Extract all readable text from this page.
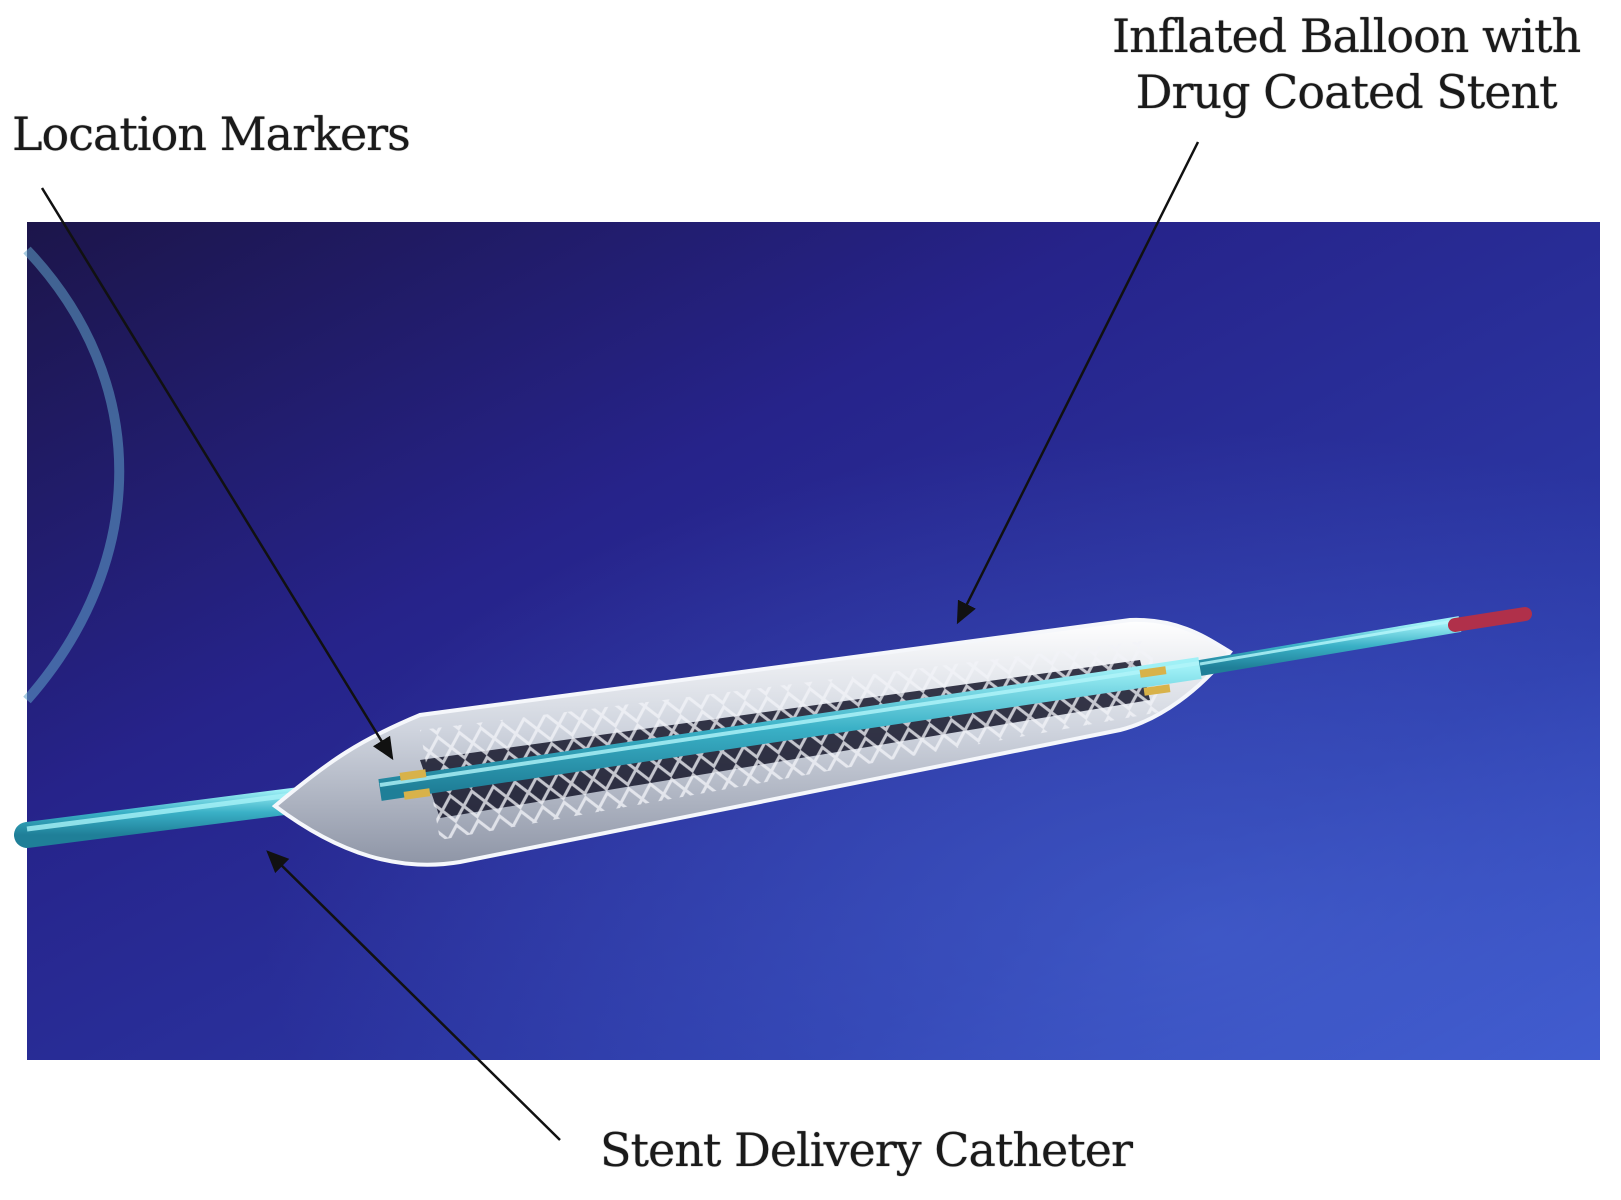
Location Markers
Inflated Balloon with
Drug Coated Stent
Stent Delivery Catheter
